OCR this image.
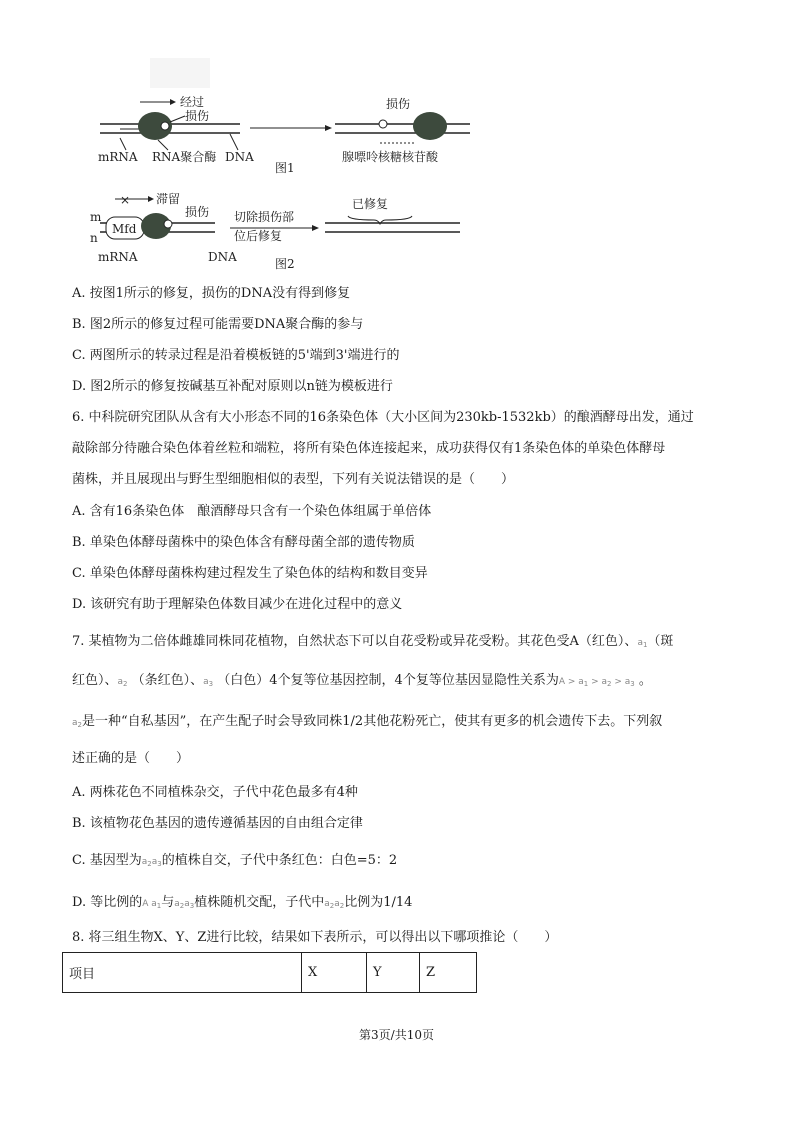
经过
损伤
mRNA RNA聚合酶 DNA
图1
损伤
腺嘌呤核糖核苷酸
× 滞留
m
n
Mfd
损伤 切除损伤部
位后修复
已修复
mRNA	DNA	图2
A. 按图1所示的修复，损伤的DNA没有得到修复
B. 图2所示的修复过程可能需要DNA聚合酶的参与
C. 两图所示的转录过程是沿着模板链的5'端到3'端进行的
D. 图2所示的修复按碱基互补配对原则以n链为模板进行
6. 中科院研究团队从含有大小形态不同的16条染色体（大小区间为230kb-1532kb）的酿酒酵母出发，通过
敲除部分待融合染色体着丝粒和端粒，将所有染色体连接起来，成功获得仅有1条染色体的单染色体酵母
菌株，并且展现出与野生型细胞相似的表型，下列有关说法错误的是（　　）
A. 含有16条染色体　酿酒酵母只含有一个染色体组属于单倍体
B. 单染色体酵母菌株中的染色体含有酵母菌全部的遗传物质
C. 单染色体酵母菌株构建过程发生了染色体的结构和数目变异
D. 该研究有助于理解染色体数目减少在进化过程中的意义
7. 某植物为二倍体雌雄同株同花植物，自然状态下可以自花受粉或异花受粉。其花色受A（红色）、$a_1$（斑
红色）、$a_2$ （条红色）、$a_3$ （白色）4个复等位基因控制，4个复等位基因显隐性关系为$A > a_1 > a_2 > a_3$ 。
$a_2$是一种“自私基因”，在产生配子时会导致同株1/2其他花粉死亡，使其有更多的机会遗传下去。下列叙
述正确的是（　　）
A. 两株花色不同植株杂交，子代中花色最多有4种
B. 该植物花色基因的遗传遵循基因的自由组合定律
C. 基因型为$a_2a_3$的植株自交，子代中条红色：白色=5：2
D. 等比例的A $a_1$与$a_2a_3$植株随机交配，子代中$a_2a_2$比例为1/14
8. 将三组生物X、Y、Z进行比较，结果如下表所示，可以得出以下哪项推论（　　）
项目	X	Y	Z
第3页/共10页
